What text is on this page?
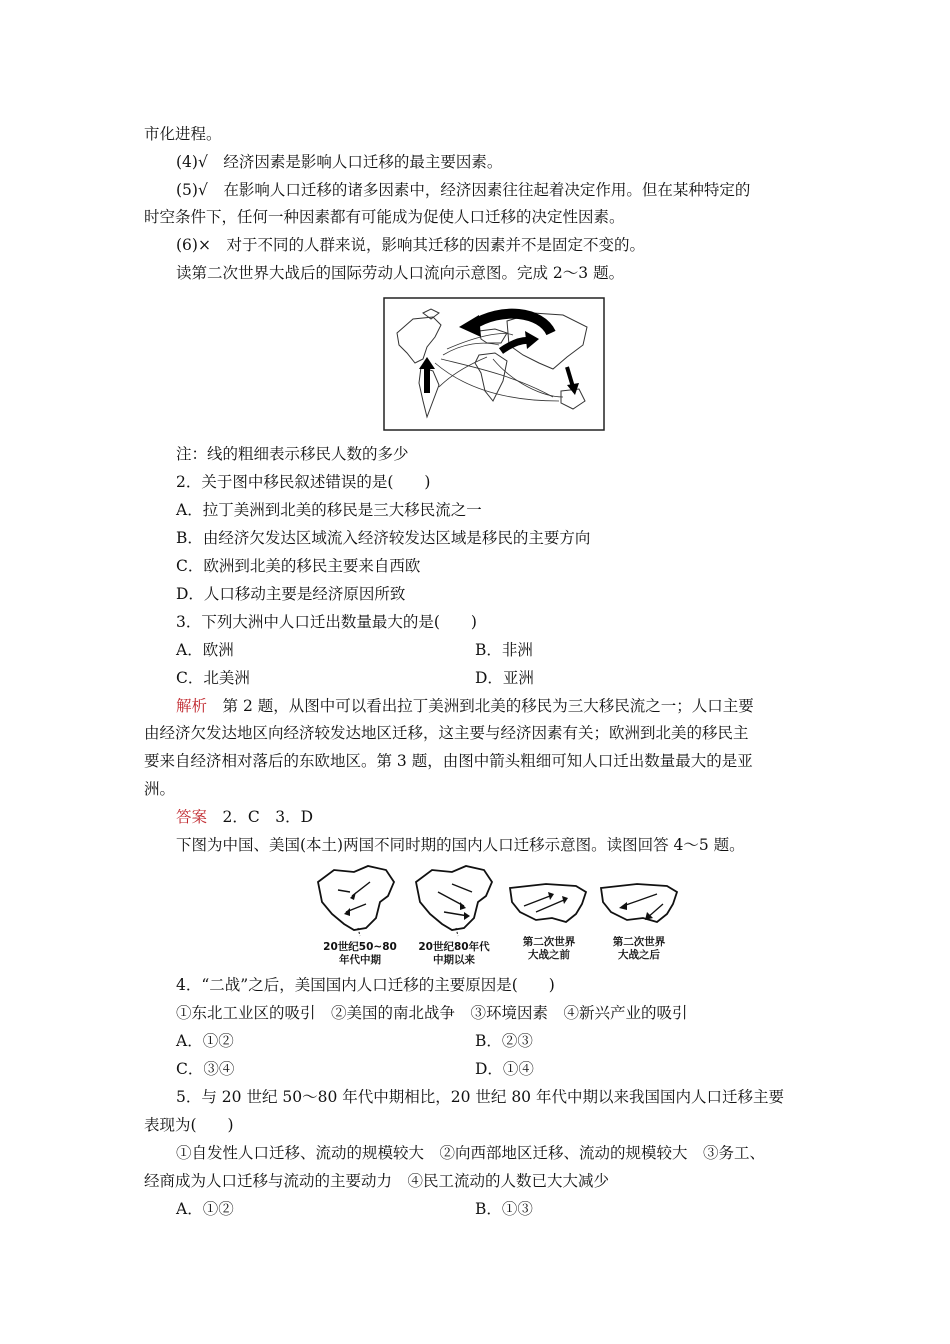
市化进程。
(4)√　经济因素是影响人口迁移的最主要因素。
(5)√　在影响人口迁移的诸多因素中，经济因素往往起着决定作用。但在某种特定的
时空条件下，任何一种因素都有可能成为促使人口迁移的决定性因素。
(6)×　对于不同的人群来说，影响其迁移的因素并不是固定不变的。
读第二次世界大战后的国际劳动人口流向示意图。完成 2～3 题。
注：线的粗细表示移民人数的多少
2．关于图中移民叙述错误的是(　　)
A．拉丁美洲到北美的移民是三大移民流之一
B．由经济欠发达区域流入经济较发达区域是移民的主要方向
C．欧洲到北美的移民主要来自西欧
D．人口移动主要是经济原因所致
3．下列大洲中人口迁出数量最大的是(　　)
A．欧洲	B．非洲
C．北美洲	D．亚洲
解析　第 2 题，从图中可以看出拉丁美洲到北美的移民为三大移民流之一；人口主要
由经济欠发达地区向经济较发达地区迁移，这主要与经济因素有关；欧洲到北美的移民主
要来自经济相对落后的东欧地区。第 3 题，由图中箭头粗细可知人口迁出数量最大的是亚
洲。
答案　2．C　3．D
下图为中国、美国(本土)两国不同时期的国内人口迁移示意图。读图回答 4～5 题。
20世纪50~80
年代中期
20世纪80年代
中期以来
第二次世界
大战之前
第二次世界
大战之后
4．“二战”之后，美国国内人口迁移的主要原因是(　　)
①东北工业区的吸引　②美国的南北战争　③环境因素　④新兴产业的吸引
A．①②	B．②③
C．③④	D．①④
5．与 20 世纪 50～80 年代中期相比，20 世纪 80 年代中期以来我国国内人口迁移主要
表现为(　　)
①自发性人口迁移、流动的规模较大　②向西部地区迁移、流动的规模较大　③务工、
经商成为人口迁移与流动的主要动力　④民工流动的人数已大大减少
A．①②	B．①③
